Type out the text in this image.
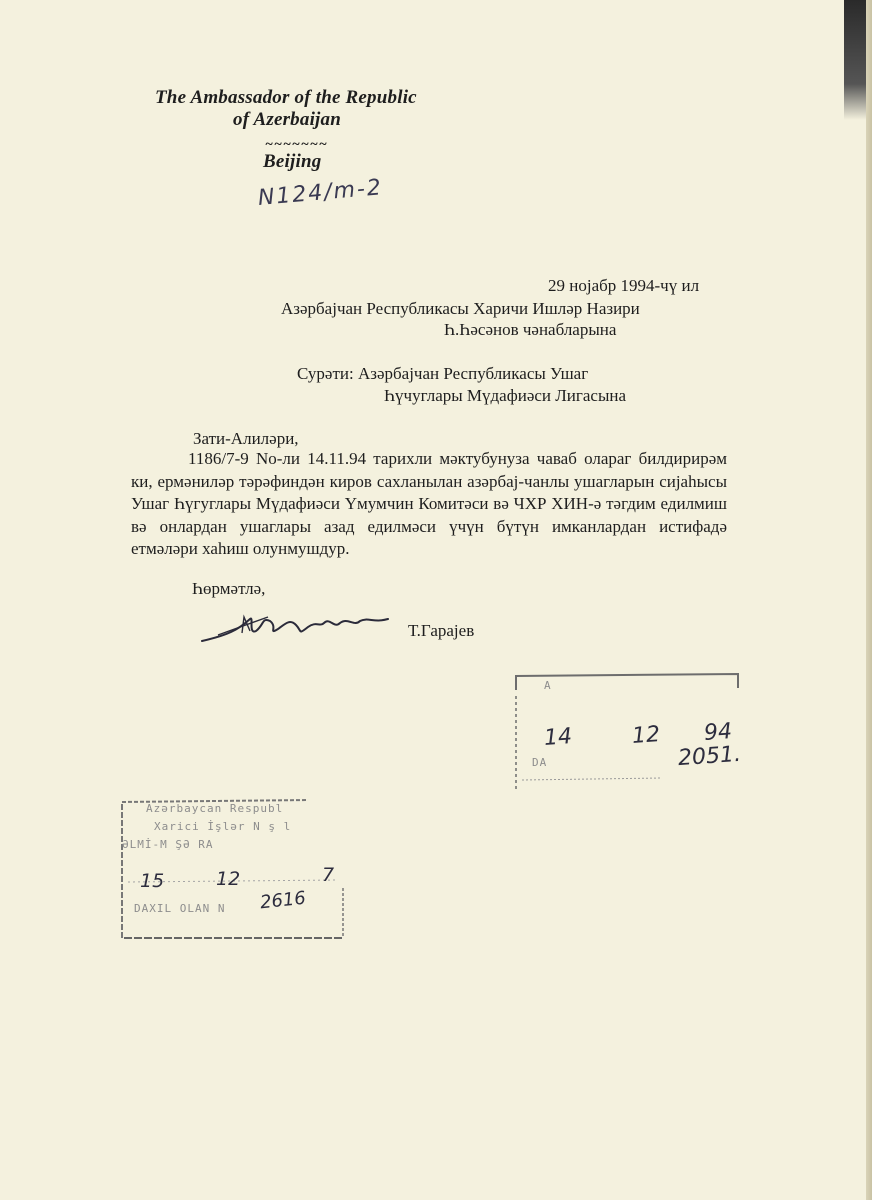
The Ambassador of the Republic
of Azerbaijan
~~~~~~~
Beijing
N124/m-2
29 нојабр 1994-чү ил
Азәрбајчан Республикасы Харичи Ишләр Назири
Һ.Һәсәнов чәнабларына
Сурәти: Азәрбајчан Республикасы Ушаг
Һүчуглары Мүдафиәси Лигасына
Зати-Алиләри,

1186/7-9 No-ли 14.11.94 тарихли мәктубунуза чаваб олараг билдирирәм ки, ермәниләр тәрәфиндән киров сахланылан азәрбај-чанлы ушагларын сијаһысы Ушаг Һүгуглары Мүдафиәси Үмумчин Комитәси вә ЧХР ХИН-ә тәгдим едилмиш вә онлардан ушаглары азад едилмәси үчүн бүтүн имканлардан истифадә етмәләри хаһиш олунмушдур.

Һөрмәтлә,
Т.Гарајев
A
DA
14	12 94
2051.
Azərbaycan Respubl
Xarici İşlər N ş l
ƏLMİ-M ŞƏ RA
DAXIL OLAN N
15	12	7
2616
